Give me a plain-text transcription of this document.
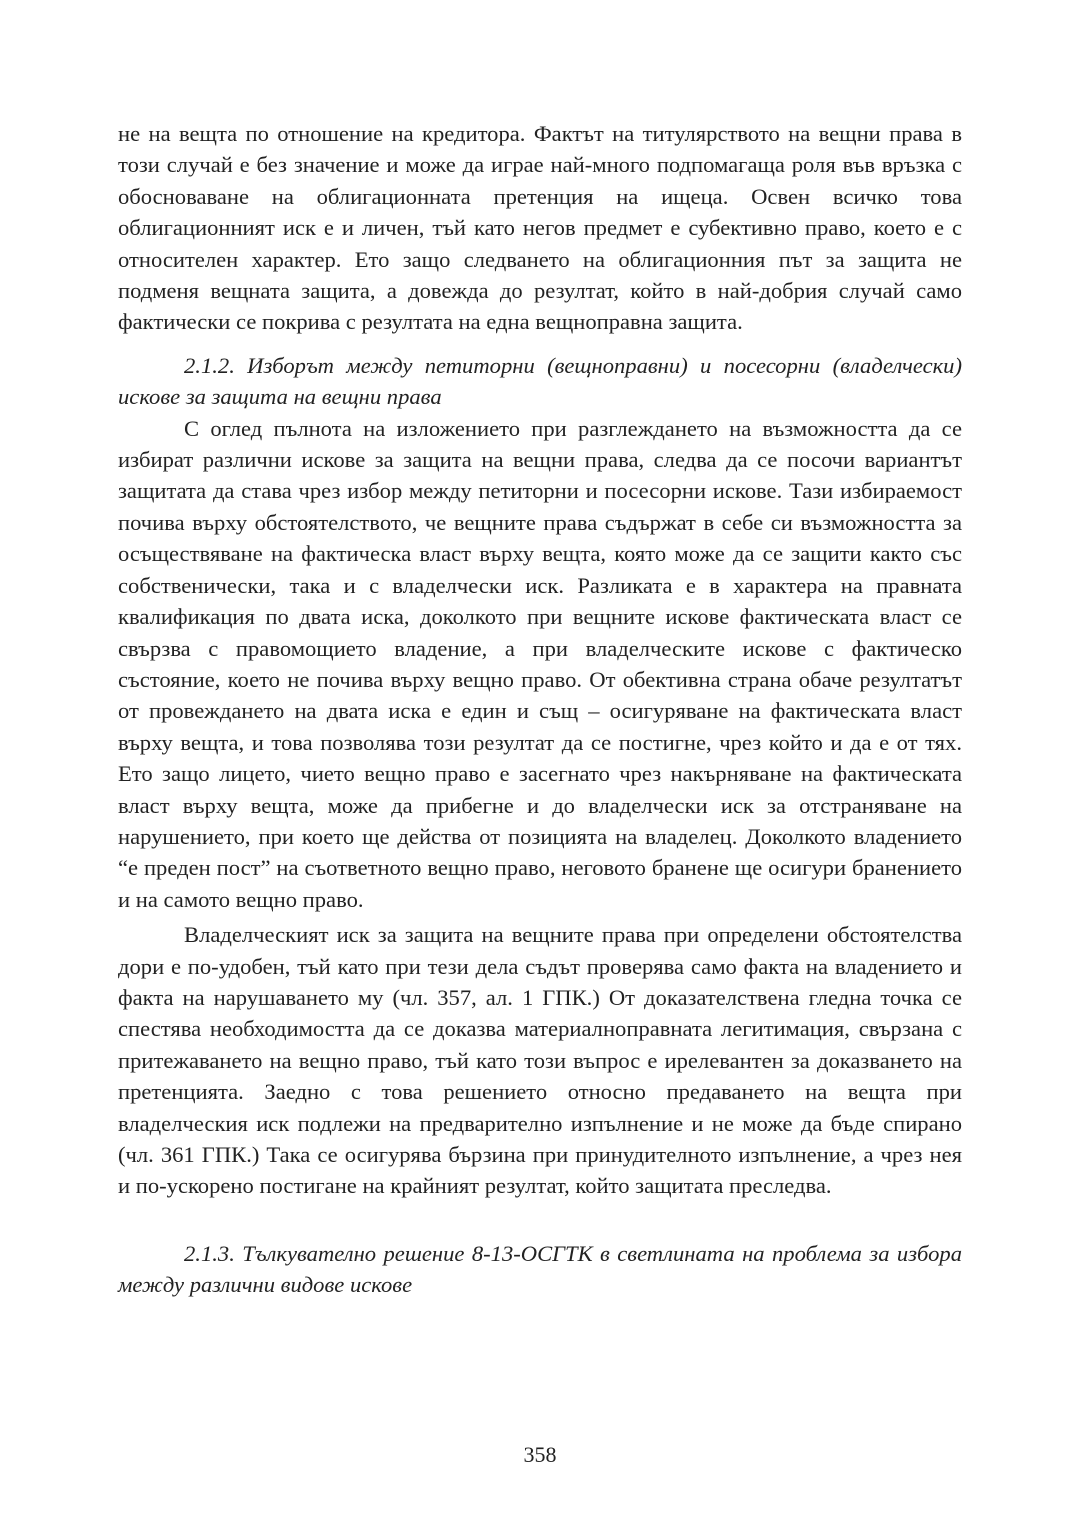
не на вещта по отношение на кредитора. Фактът на титулярството на вещни права в този случай е без значение и може да играе най-много подпомагаща роля във връзка с обосноваване на облигационната претенция на ищеца. Освен всичко това облигационният иск е и личен, тъй като негов предмет е субективно право, което е с относителен характер. Ето защо следването на облигационния път за защита не подменя вещната защита, а довежда до резултат, който в най-добрия случай само фактически се покрива с резултата на една вещноправна защита.

2.1.2. Изборът между петиторни (вещноправни) и посесорни (владелчески) искове за защита на вещни права

С оглед пълнота на изложението при разглеждането на възможността да се избират различни искове за защита на вещни права, следва да се посочи вариантът защитата да става чрез избор между петиторни и посесорни искове. Тази избираемост почива върху обстоятелството, че вещните права съдържат в себе си възможността за осъществяване на фактическа власт върху вещта, която може да се защити както със собственически, така и с владелчески иск. Разликата е в характера на правната квалификация по двата иска, доколкото при вещните искове фактическата власт се свързва с правомощието владение, а при владелческите искове с фактическо състояние, което не почива върху вещно право. От обективна страна обаче резултатът от провеждането на двата иска е един и същ – осигуряване на фактическата власт върху вещта, и това позволява този резултат да се постигне, чрез който и да е от тях. Ето защо лицето, чието вещно право е засегнато чрез накърняване на фактическата власт върху вещта, може да прибегне и до владелчески иск за отстраняване на нарушението, при което ще действа от позицията на владелец. Доколкото владението “е преден пост” на съответното вещно право, неговото бранене ще осигури бранението и на самото вещно право.

Владелческият иск за защита на вещните права при определени обстоятелства дори е по-удобен, тъй като при тези дела съдът проверява само факта на владението и факта на нарушаването му (чл. 357, ал. 1 ГПК.) От доказателствена гледна точка се спестява необходимостта да се доказва материалноправната легитимация, свързана с притежаването на вещно право, тъй като този въпрос е ирелевантен за доказването на претенцията. Заедно с това решението относно предаването на вещта при владелческия иск подлежи на предварително изпълнение и не може да бъде спирано (чл. 361 ГПК.) Така се осигурява бързина при принудителното изпълнение, а чрез нея и по-ускорено постигане на крайният резултат, който защитата преследва.

2.1.3. Тълкувателно решение 8-13-ОСГТК в светлината на проблема за избора между различни видове искове

358
